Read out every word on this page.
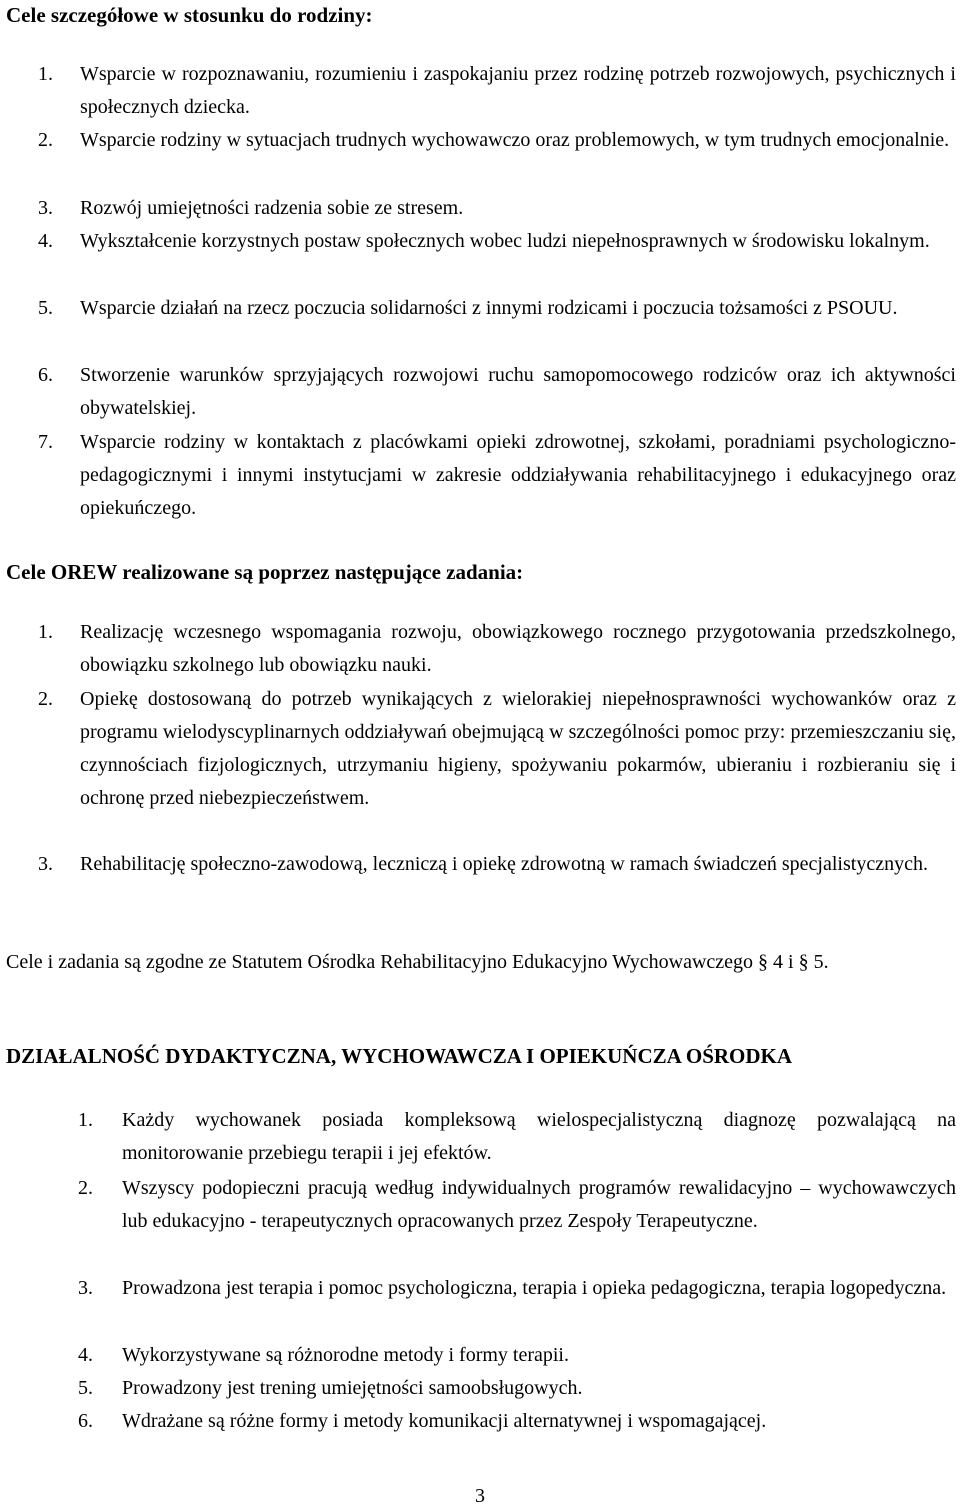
Cele szczegółowe w stosunku do rodziny:
1. Wsparcie w rozpoznawaniu, rozumieniu i zaspokajaniu przez rodzinę potrzeb rozwojowych, psychicznych i społecznych dziecka.
2. Wsparcie rodziny w sytuacjach trudnych wychowawczo oraz problemowych, w tym trudnych emocjonalnie.
3. Rozwój umiejętności radzenia sobie ze stresem.
4. Wykształcenie korzystnych postaw społecznych wobec ludzi niepełnosprawnych w środowisku lokalnym.
5. Wsparcie działań na rzecz poczucia solidarności z innymi rodzicami i poczucia tożsamości z PSOUU.
6. Stworzenie warunków sprzyjających rozwojowi ruchu samopomocowego rodziców oraz ich aktywności obywatelskiej.
7. Wsparcie rodziny w kontaktach z placówkami opieki zdrowotnej, szkołami, poradniami psychologiczno-pedagogicznymi i innymi instytucjami w zakresie oddziaływania rehabilitacyjnego i edukacyjnego oraz opiekuńczego.
Cele OREW realizowane są poprzez następujące zadania:
1. Realizację wczesnego wspomagania rozwoju, obowiązkowego rocznego przygotowania przedszkolnego, obowiązku szkolnego lub obowiązku nauki.
2. Opiekę dostosowaną do potrzeb wynikających z wielorakiej niepełnosprawności wychowanków oraz z programu wielodyscyplinarnych oddziaływań obejmującą w szczególności pomoc przy: przemieszczaniu się, czynnościach fizjologicznych, utrzymaniu higieny, spożywaniu pokarmów, ubieraniu i rozbieraniu się i ochronę przed niebezpieczeństwem.
3. Rehabilitację społeczno-zawodową, leczniczą i opiekę zdrowotną w ramach świadczeń specjalistycznych.
Cele i zadania są zgodne ze Statutem Ośrodka Rehabilitacyjno Edukacyjno Wychowawczego § 4 i § 5.
DZIAŁALNOŚĆ DYDAKTYCZNA, WYCHOWAWCZA I OPIEKUŃCZA OŚRODKA
1. Każdy wychowanek posiada kompleksową wielospecjalistyczną diagnozę pozwalającą na monitorowanie przebiegu terapii i jej efektów.
2. Wszyscy podopieczni pracują według indywidualnych programów rewalidacyjno – wychowawczych lub edukacyjno - terapeutycznych opracowanych przez Zespoły Terapeutyczne.
3. Prowadzona jest terapia i pomoc psychologiczna, terapia i opieka pedagogiczna, terapia logopedyczna.
4. Wykorzystywane są różnorodne metody i formy terapii.
5. Prowadzony jest trening umiejętności samoobsługowych.
6. Wdrażane są różne formy i metody komunikacji alternatywnej i wspomagającej.
3
